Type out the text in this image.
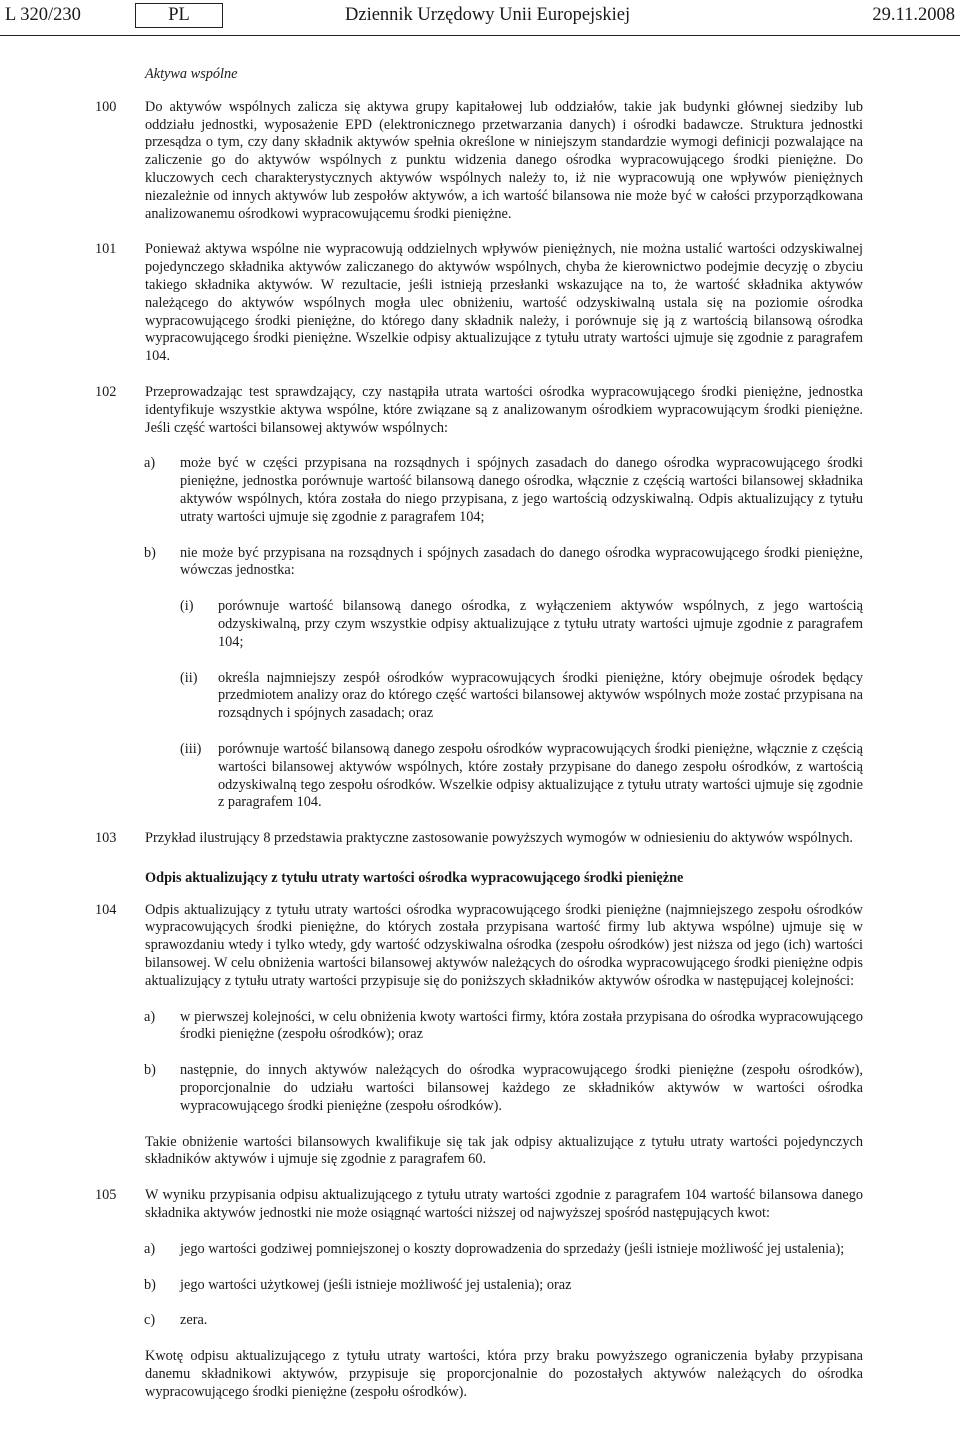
L 320/230	PL	Dziennik Urzędowy Unii Europejskiej	29.11.2008
Aktywa wspólne
100 Do aktywów wspólnych zalicza się aktywa grupy kapitałowej lub oddziałów, takie jak budynki głównej siedziby lub oddziału jednostki, wyposażenie EPD (elektronicznego przetwarzania danych) i ośrodki badawcze. Struktura jednostki przesądza o tym, czy dany składnik aktywów spełnia określone w niniejszym standardzie wymogi definicji pozwalające na zaliczenie go do aktywów wspólnych z punktu widzenia danego ośrodka wypracowującego środki pieniężne. Do kluczowych cech charakterystycznych aktywów wspólnych należy to, iż nie wypracowują one wpływów pieniężnych niezależnie od innych aktywów lub zespołów aktywów, a ich wartość bilansowa nie może być w całości przyporządkowana analizowanemu ośrodkowi wypracowującemu środki pieniężne.
101 Ponieważ aktywa wspólne nie wypracowują oddzielnych wpływów pieniężnych, nie można ustalić wartości odzyskiwalnej pojedynczego składnika aktywów zaliczanego do aktywów wspólnych, chyba że kierownictwo podejmie decyzję o zbyciu takiego składnika aktywów. W rezultacie, jeśli istnieją przesłanki wskazujące na to, że wartość składnika aktywów należącego do aktywów wspólnych mogła ulec obniżeniu, wartość odzyskiwalną ustala się na poziomie ośrodka wypracowującego środki pieniężne, do którego dany składnik należy, i porównuje się ją z wartością bilansową ośrodka wypracowującego środki pieniężne. Wszelkie odpisy aktualizujące z tytułu utraty wartości ujmuje się zgodnie z paragrafem 104.
102 Przeprowadzając test sprawdzający, czy nastąpiła utrata wartości ośrodka wypracowującego środki pieniężne, jednostka identyfikuje wszystkie aktywa wspólne, które związane są z analizowanym ośrodkiem wypracowującym środki pieniężne. Jeśli część wartości bilansowej aktywów wspólnych:
a) może być w części przypisana na rozsądnych i spójnych zasadach do danego ośrodka wypracowującego środki pieniężne, jednostka porównuje wartość bilansową danego ośrodka, włącznie z częścią wartości bilansowej składnika aktywów wspólnych, która została do niego przypisana, z jego wartością odzyskiwalną. Odpis aktualizujący z tytułu utraty wartości ujmuje się zgodnie z paragrafem 104;
b) nie może być przypisana na rozsądnych i spójnych zasadach do danego ośrodka wypracowującego środki pieniężne, wówczas jednostka:
(i) porównuje wartość bilansową danego ośrodka, z wyłączeniem aktywów wspólnych, z jego wartością odzyskiwalną, przy czym wszystkie odpisy aktualizujące z tytułu utraty wartości ujmuje zgodnie z paragrafem 104;
(ii) określa najmniejszy zespół ośrodków wypracowujących środki pieniężne, który obejmuje ośrodek będący przedmiotem analizy oraz do którego część wartości bilansowej aktywów wspólnych może zostać przypisana na rozsądnych i spójnych zasadach; oraz
(iii) porównuje wartość bilansową danego zespołu ośrodków wypracowujących środki pieniężne, włącznie z częścią wartości bilansowej aktywów wspólnych, które zostały przypisane do danego zespołu ośrodków, z wartością odzyskiwalną tego zespołu ośrodków. Wszelkie odpisy aktualizujące z tytułu utraty wartości ujmuje się zgodnie z paragrafem 104.
103 Przykład ilustrujący 8 przedstawia praktyczne zastosowanie powyższych wymogów w odniesieniu do aktywów wspólnych.
Odpis aktualizujący z tytułu utraty wartości ośrodka wypracowującego środki pieniężne
104 Odpis aktualizujący z tytułu utraty wartości ośrodka wypracowującego środki pieniężne (najmniejszego zespołu ośrodków wypracowujących środki pieniężne, do których została przypisana wartość firmy lub aktywa wspólne) ujmuje się w sprawozdaniu wtedy i tylko wtedy, gdy wartość odzyskiwalna ośrodka (zespołu ośrodków) jest niższa od jego (ich) wartości bilansowej. W celu obniżenia wartości bilansowej aktywów należących do ośrodka wypracowującego środki pieniężne odpis aktualizujący z tytułu utraty wartości przypisuje się do poniższych składników aktywów ośrodka w następującej kolejności:
a) w pierwszej kolejności, w celu obniżenia kwoty wartości firmy, która została przypisana do ośrodka wypracowującego środki pieniężne (zespołu ośrodków); oraz
b) następnie, do innych aktywów należących do ośrodka wypracowującego środki pieniężne (zespołu ośrodków), proporcjonalnie do udziału wartości bilansowej każdego ze składników aktywów w wartości ośrodka wypracowującego środki pieniężne (zespołu ośrodków).
Takie obniżenie wartości bilansowych kwalifikuje się tak jak odpisy aktualizujące z tytułu utraty wartości pojedynczych składników aktywów i ujmuje się zgodnie z paragrafem 60.
105 W wyniku przypisania odpisu aktualizującego z tytułu utraty wartości zgodnie z paragrafem 104 wartość bilansowa danego składnika aktywów jednostki nie może osiągnąć wartości niższej od najwyższej spośród następujących kwot:
a) jego wartości godziwej pomniejszonej o koszty doprowadzenia do sprzedaży (jeśli istnieje możliwość jej ustalenia);
b) jego wartości użytkowej (jeśli istnieje możliwość jej ustalenia); oraz
c) zera.
Kwotę odpisu aktualizującego z tytułu utraty wartości, która przy braku powyższego ograniczenia byłaby przypisana danemu składnikowi aktywów, przypisuje się proporcjonalnie do pozostałych aktywów należących do ośrodka wypracowującego środki pieniężne (zespołu ośrodków).
